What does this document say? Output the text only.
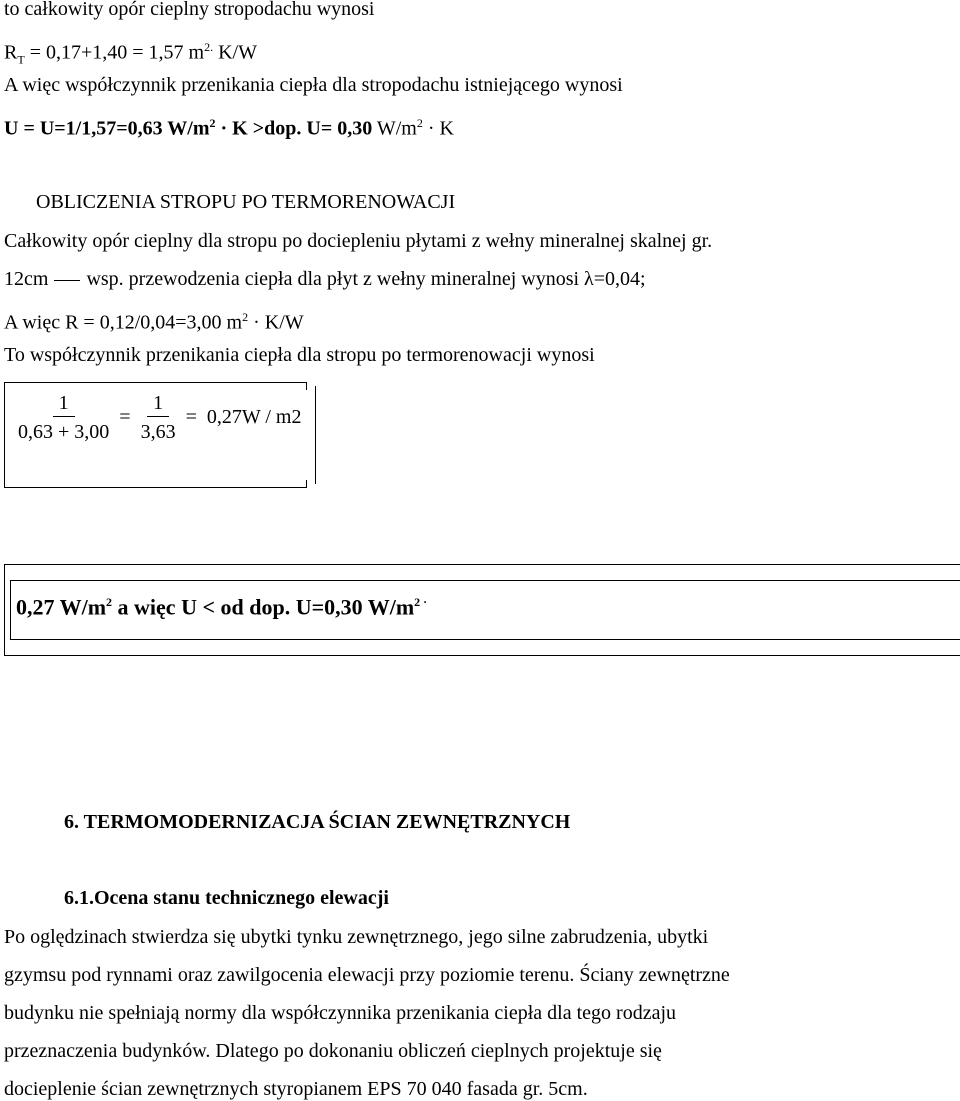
to całkowity opór cieplny stropodachu wynosi
$R_T = 0,17+1,40 = 1,57$ $m^{2.}$ K/W
A więc współczynnik przenikania ciepła dla stropodachu istniejącego wynosi
U = U=1/1,57=0,63 $W/m^2 \cdot K >dop$. U= 0,30 $W/m^2 \cdot K$
OBLICZENIA STROPU PO TERMORENOWACJI
Całkowity opór cieplny dla stropu po dociepleniu płytami z wełny mineralnej skalnej gr.
12cm wsp. przewodzenia ciepła dla płyt z wełny mineralnej wynosi λ=0,04;
A więc R = 0,12/0,04=3,00 $m^2 \cdot K/W$
To współczynnik przenikania ciepła dla stropu po termorenowacji wynosi
$\frac{1}{0,63 + 3,00} = \frac{1}{3,63} = 0,27W / m2$
0,27 $W/m^2$ a więc U < od dop. U=0,30 $W/m^{2 \cdot}$
6. TERMOMODERNIZACJA ŚCIAN ZEWNĘTRZNYCH
6.1.Ocena stanu technicznego elewacji
Po oględzinach stwierdza się ubytki tynku zewnętrznego, jego silne zabrudzenia, ubytki
gzymsu pod rynnami oraz zawilgocenia elewacji przy poziomie terenu. Ściany zewnętrzne
budynku nie spełniają normy dla współczynnika przenikania ciepła dla tego rodzaju
przeznaczenia budynków. Dlatego po dokonaniu obliczeń cieplnych projektuje się
docieplenie ścian zewnętrznych styropianem EPS 70 040 fasada gr. 5cm.
